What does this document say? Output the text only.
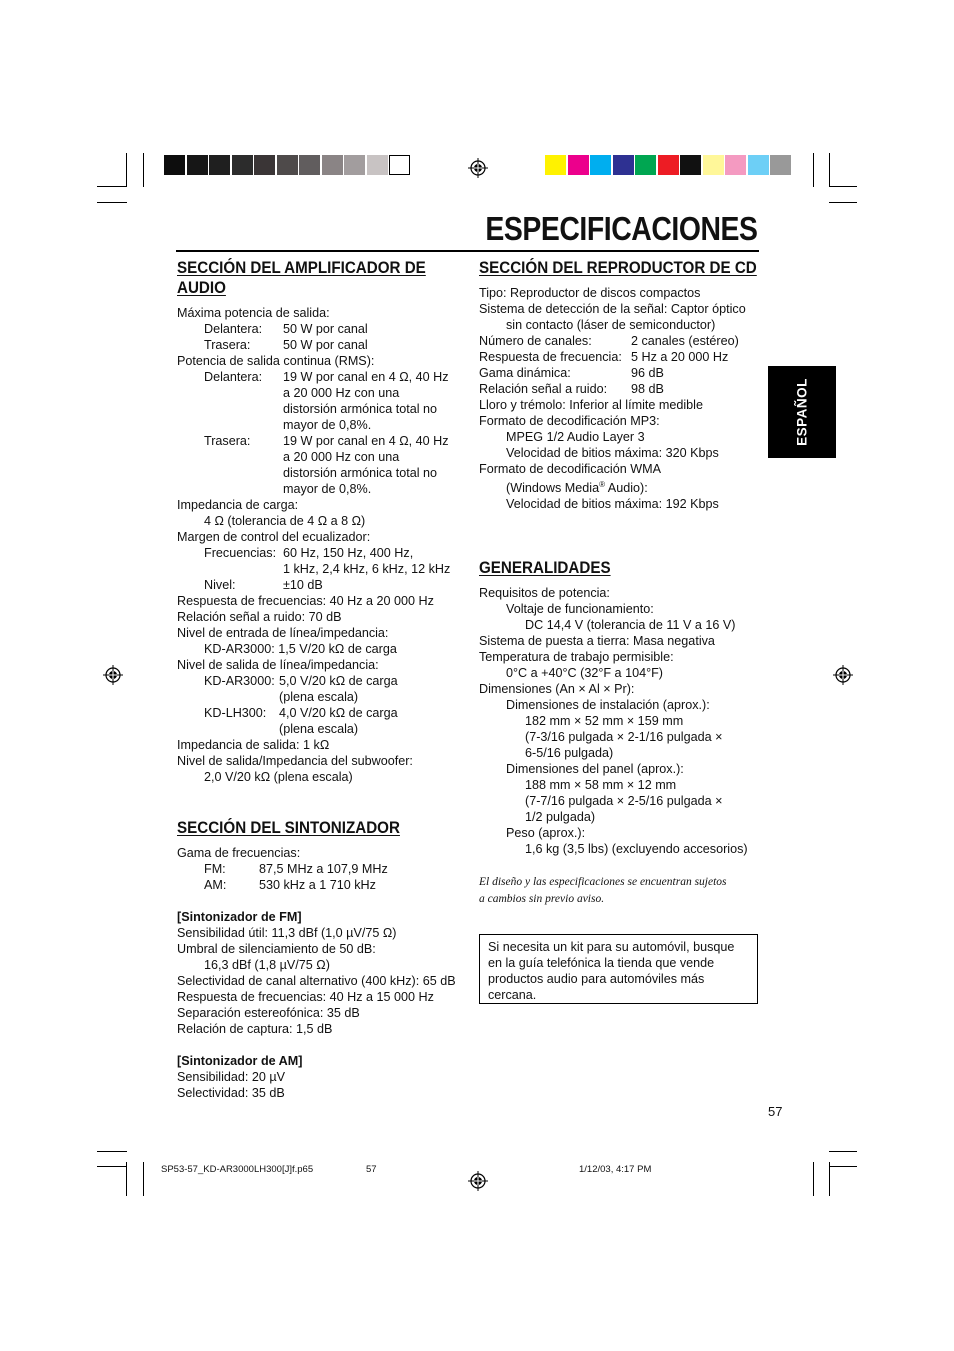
ESPECIFICACIONES
ESPAÑOL
SECCIÓN DEL AMPLIFICADOR DE
AUDIO
Máxima potencia de salida:
Delantera:	50 W por canal
Trasera:	50 W por canal
Potencia de salida continua (RMS):
Delantera:	19 W por canal en 4 Ω, 40 Hz
a 20 000 Hz con una
distorsión armónica total no
mayor de 0,8%.
Trasera:	19 W por canal en 4 Ω, 40 Hz
a 20 000 Hz con una
distorsión armónica total no
mayor de 0,8%.
Impedancia de carga:
4 Ω (tolerancia de 4 Ω a 8 Ω)
Margen de control del ecualizador:
Frecuencias: 60 Hz, 150 Hz, 400 Hz,
1 kHz, 2,4 kHz, 6 kHz, 12 kHz
Nivel:	±10 dB
Respuesta de frecuencias: 40 Hz a 20 000 Hz
Relación señal a ruido: 70 dB
Nivel de entrada de línea/impedancia:
KD-AR3000: 1,5 V/20 kΩ de carga
Nivel de salida de línea/impedancia:
KD-AR3000: 5,0 V/20 kΩ de carga
(plena escala)
KD-LH300:	4,0 V/20 kΩ de carga
(plena escala)
Impedancia de salida: 1 kΩ
Nivel de salida/Impedancia del subwoofer:
2,0 V/20 kΩ (plena escala)
SECCIÓN DEL SINTONIZADOR
Gama de frecuencias:
FM:	87,5 MHz a 107,9 MHz
AM:	530 kHz a 1 710 kHz
[Sintonizador de FM]
Sensibilidad útil: 11,3 dBf (1,0 µV/75 Ω)
Umbral de silenciamiento de 50 dB:
16,3 dBf (1,8 µV/75 Ω)
Selectividad de canal alternativo (400 kHz): 65 dB
Respuesta de frecuencias: 40 Hz a 15 000 Hz
Separación estereofónica: 35 dB
Relación de captura: 1,5 dB
[Sintonizador de AM]
Sensibilidad: 20 µV
Selectividad: 35 dB
SECCIÓN DEL REPRODUCTOR DE CD
Tipo: Reproductor de discos compactos
Sistema de detección de la señal: Captor óptico
sin contacto (láser de semiconductor)
Número de canales:	2 canales (estéreo)
Respuesta de frecuencia: 5 Hz a 20 000 Hz
Gama dinámica:	96 dB
Relación señal a ruido:	98 dB
Lloro y trémolo: Inferior al límite medible
Formato de decodificación MP3:
MPEG 1/2 Audio Layer 3
Velocidad de bitios máxima: 320 Kbps
Formato de decodificación WMA
(Windows Media® Audio):
Velocidad de bitios máxima: 192 Kbps
GENERALIDADES
Requisitos de potencia:
Voltaje de funcionamiento:
DC 14,4 V (tolerancia de 11 V a 16 V)
Sistema de puesta a tierra: Masa negativa
Temperatura de trabajo permisible:
0°C a +40°C (32°F a 104°F)
Dimensiones (An × Al × Pr):
Dimensiones de instalación (aprox.):
182 mm × 52 mm × 159 mm
(7-3/16 pulgada × 2-1/16 pulgada ×
6-5/16 pulgada)
Dimensiones del panel (aprox.):
188 mm × 58 mm × 12 mm
(7-7/16 pulgada × 2-5/16 pulgada ×
1/2 pulgada)
Peso (aprox.):
1,6 kg (3,5 lbs) (excluyendo accesorios)
El diseño y las especificaciones se encuentran sujetos
a cambios sin previo aviso.
Si necesita un kit para su automóvil, busque
en la guía telefónica la tienda que vende
productos audio para automóviles más
cercana.
57
SP53-57_KD-AR3000LH300[J]f.p65	57	1/12/03, 4:17 PM
